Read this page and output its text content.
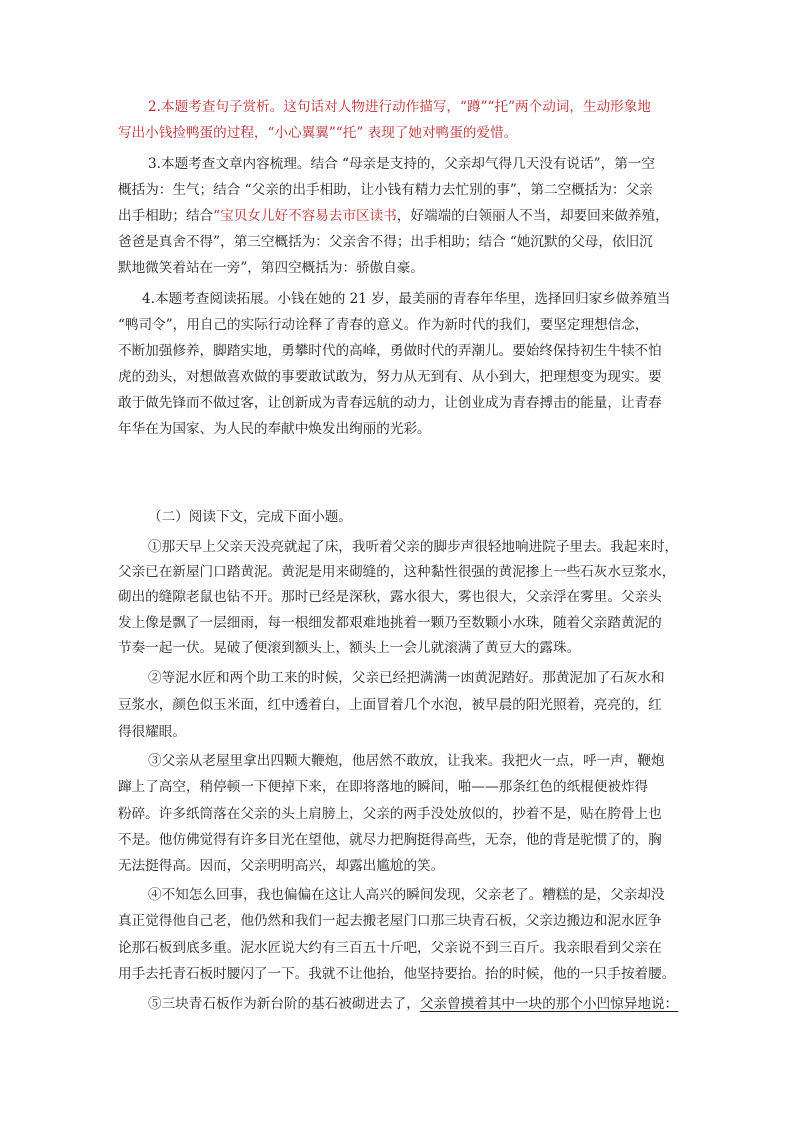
2.本题考查句子赏析。这句话对人物进行动作描写，“蹲”“托”两个动词，生动形象地
写出小钱捡鸭蛋的过程，“小心翼翼”“托” 表现了她对鸭蛋的爱惜。
3.本题考查文章内容梳理。结合 “母亲是支持的，父亲却气得几天没有说话”，第一空
概括为：生气；结合 “父亲的出手相助，让小钱有精力去忙别的事”，第二空概括为：父亲
出手相助；结合“宝贝女儿好不容易去市区读书，好端端的白领丽人不当，却要回来做养殖，
爸爸是真舍不得”，第三空概括为：父亲舍不得；出手相助；结合 “她沉默的父母，依旧沉
默地微笑着站在一旁”，第四空概括为：骄傲自豪。
4.本题考查阅读拓展。小钱在她的 21 岁，最美丽的青春年华里，选择回归家乡做养殖当
“鸭司令”，用自己的实际行动诠释了青春的意义。作为新时代的我们，要坚定理想信念，
不断加强修养，脚踏实地，勇攀时代的高峰，勇做时代的弄潮儿。要始终保持初生牛犊不怕
虎的劲头，对想做喜欢做的事要敢试敢为，努力从无到有、从小到大，把理想变为现实。要
敢于做先锋而不做过客，让创新成为青春远航的动力，让创业成为青春搏击的能量，让青春
年华在为国家、为人民的奉献中焕发出绚丽的光彩。
（二）阅读下文，完成下面小题。
①那天早上父亲天没亮就起了床，我听着父亲的脚步声很轻地响进院子里去。我起来时，
父亲已在新屋门口踏黄泥。黄泥是用来砌缝的，这种黏性很强的黄泥掺上一些石灰水豆浆水，
砌出的缝隙老鼠也钻不开。那时已经是深秋，露水很大，雾也很大，父亲浮在雾里。父亲头
发上像是飘了一层细雨，每一根细发都艰难地挑着一颗乃至数颗小水珠，随着父亲踏黄泥的
节奏一起一伏。晃破了便滚到额头上，额头上一会儿就滚满了黄豆大的露珠。
②等泥水匠和两个助工来的时候，父亲已经把满满一凼黄泥踏好。那黄泥加了石灰水和
豆浆水，颜色似玉米面，红中透着白，上面冒着几个水泡，被早晨的阳光照着，亮亮的，红
得很耀眼。
③父亲从老屋里拿出四颗大鞭炮，他居然不敢放，让我来。我把火一点，呼一声，鞭炮
蹿上了高空，稍停顿一下便掉下来，在即将落地的瞬间，啪——那条红色的纸棍便被炸得
粉碎。许多纸筒落在父亲的头上肩膀上，父亲的两手没处放似的，抄着不是，贴在胯骨上也
不是。他仿佛觉得有许多目光在望他，就尽力把胸挺得高些，无奈，他的背是驼惯了的，胸
无法挺得高。因而，父亲明明高兴，却露出尴尬的笑。
④不知怎么回事，我也偏偏在这让人高兴的瞬间发现，父亲老了。糟糕的是，父亲却没
真正觉得他自己老，他仍然和我们一起去搬老屋门口那三块青石板，父亲边搬边和泥水匠争
论那石板到底多重。泥水匠说大约有三百五十斤吧，父亲说不到三百斤。我亲眼看到父亲在
用手去托青石板时腰闪了一下。我就不让他抬，他坚持要抬。抬的时候，他的一只手按着腰。
⑤三块青石板作为新台阶的基石被砌进去了，父亲曾摸着其中一块的那个小凹惊异地说：
